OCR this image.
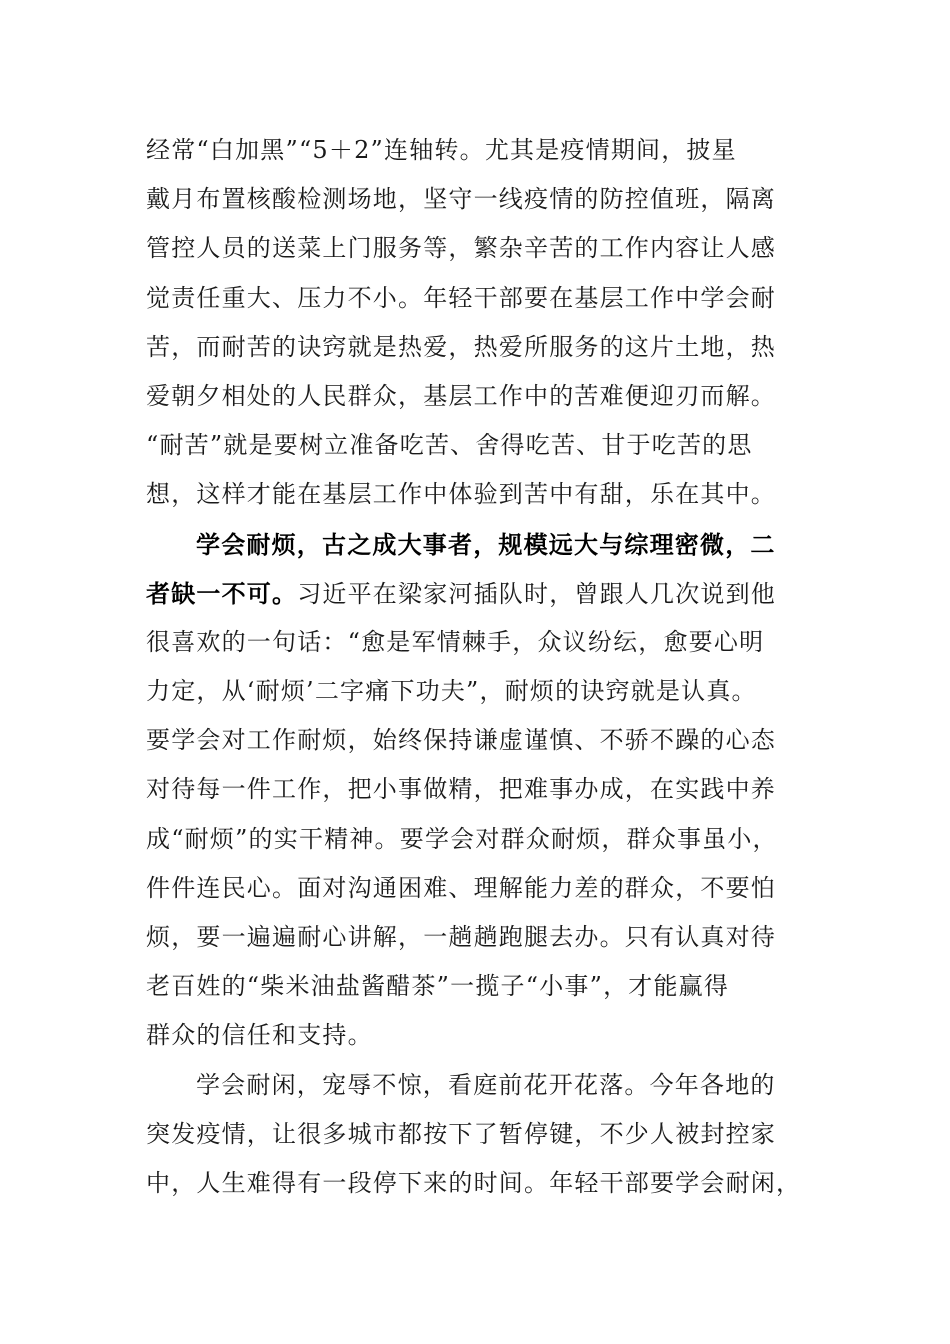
经常“白加黑”“5＋2”连轴转。尤其是疫情期间，披星
戴月布置核酸检测场地，坚守一线疫情的防控值班，隔离
管控人员的送菜上门服务等，繁杂辛苦的工作内容让人感
觉责任重大、压力不小。年轻干部要在基层工作中学会耐
苦，而耐苦的诀窍就是热爱，热爱所服务的这片土地，热
爱朝夕相处的人民群众，基层工作中的苦难便迎刃而解。
“耐苦”就是要树立准备吃苦、舍得吃苦、甘于吃苦的思
想，这样才能在基层工作中体验到苦中有甜，乐在其中。
学会耐烦，古之成大事者，规模远大与综理密微，二
者缺一不可。习近平在梁家河插队时，曾跟人几次说到他
很喜欢的一句话：“愈是军情棘手，众议纷纭，愈要心明
力定，从‘耐烦’二字痛下功夫”，耐烦的诀窍就是认真。
要学会对工作耐烦，始终保持谦虚谨慎、不骄不躁的心态
对待每一件工作，把小事做精，把难事办成，在实践中养
成“耐烦”的实干精神。要学会对群众耐烦，群众事虽小，
件件连民心。面对沟通困难、理解能力差的群众，不要怕
烦，要一遍遍耐心讲解，一趟趟跑腿去办。只有认真对待
老百姓的“柴米油盐酱醋茶”一揽子“小事”，才能赢得
群众的信任和支持。
学会耐闲，宠辱不惊，看庭前花开花落。今年各地的
突发疫情，让很多城市都按下了暂停键，不少人被封控家
中，人生难得有一段停下来的时间。年轻干部要学会耐闲，
